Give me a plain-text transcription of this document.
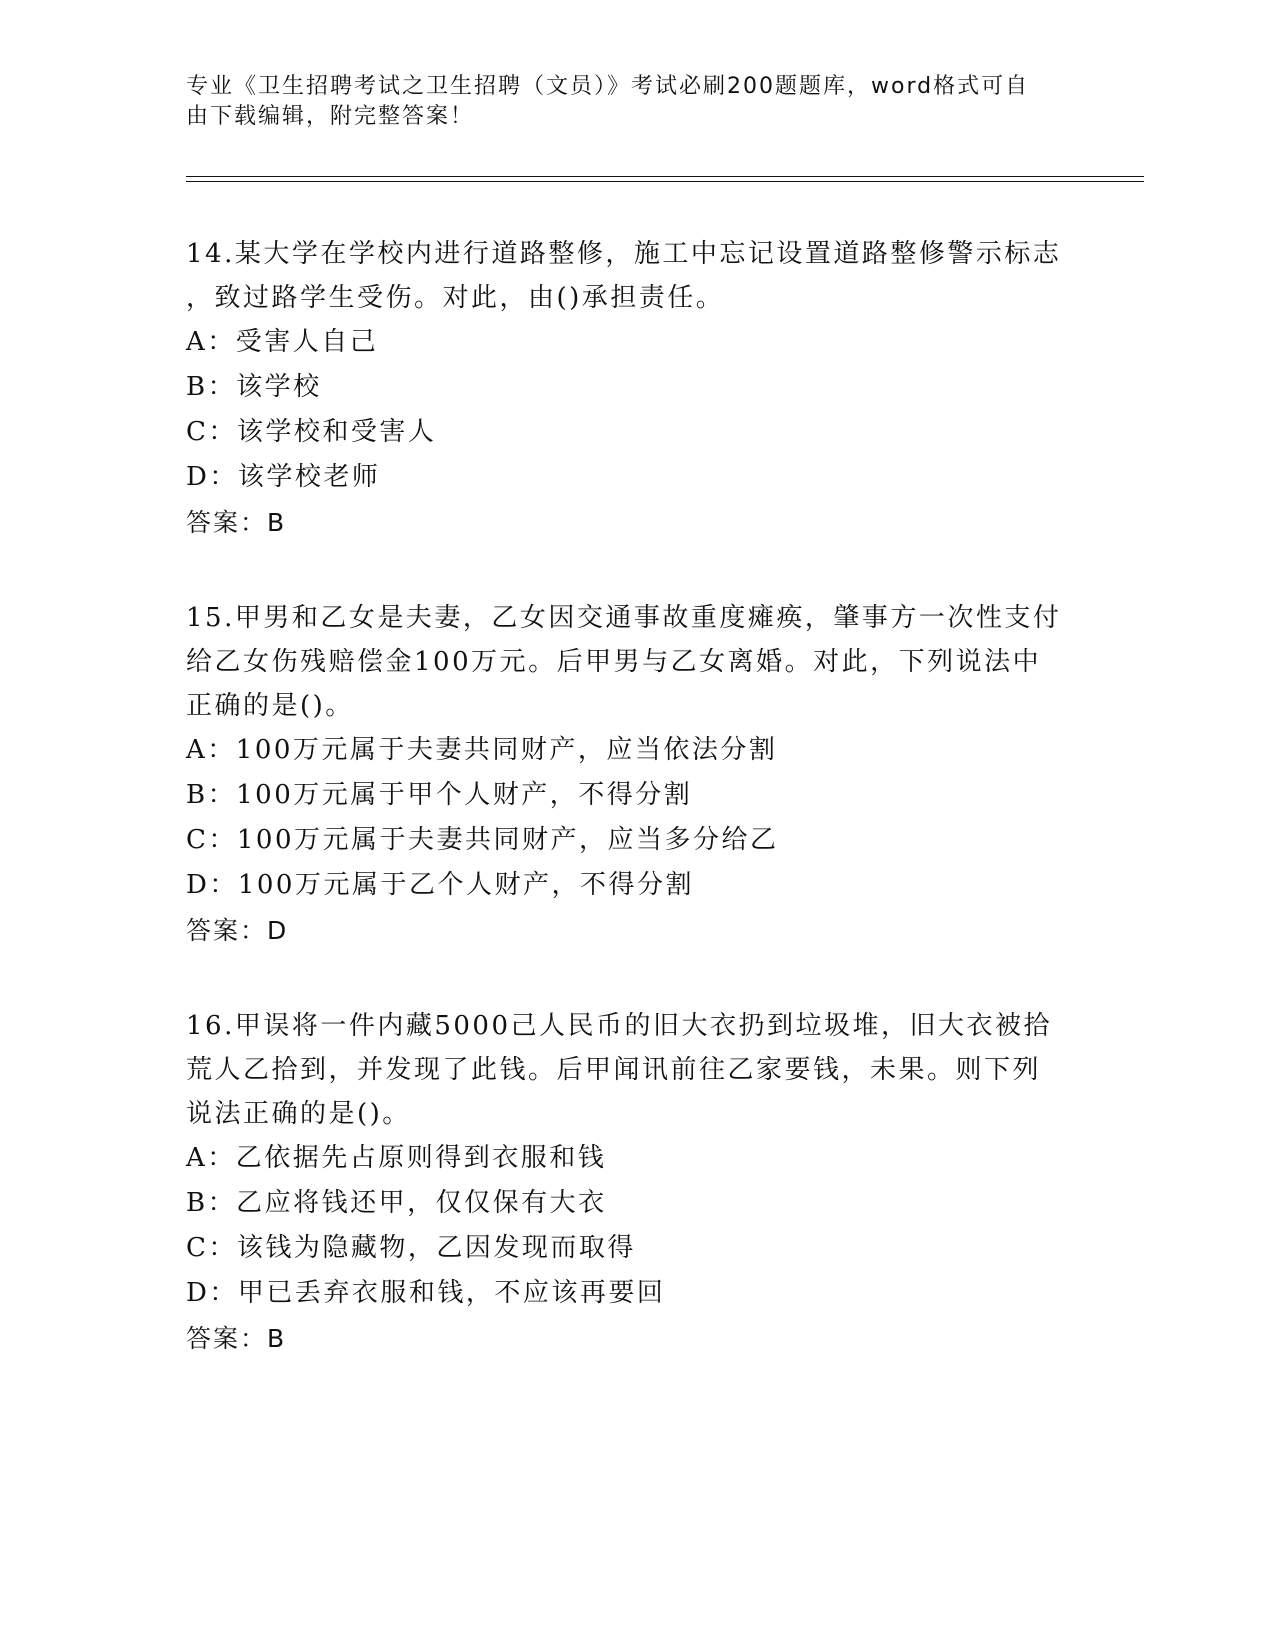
专业《卫生招聘考试之卫生招聘（文员）》考试必刷200题题库，word格式可自
由下载编辑，附完整答案！
14.某大学在学校内进行道路整修，施工中忘记设置道路整修警示标志
，致过路学生受伤。对此，由()承担责任。
A：受害人自己
B：该学校
C：该学校和受害人
D：该学校老师
答案：B
15.甲男和乙女是夫妻，乙女因交通事故重度瘫痪，肇事方一次性支付
给乙女伤残赔偿金100万元。后甲男与乙女离婚。对此，下列说法中
正确的是()。
A：100万元属于夫妻共同财产，应当依法分割
B：100万元属于甲个人财产，不得分割
C：100万元属于夫妻共同财产，应当多分给乙
D：100万元属于乙个人财产，不得分割
答案：D
16.甲误将一件内藏5000己人民币的旧大衣扔到垃圾堆，旧大衣被拾
荒人乙拾到，并发现了此钱。后甲闻讯前往乙家要钱，未果。则下列
说法正确的是()。
A：乙依据先占原则得到衣服和钱
B：乙应将钱还甲，仅仅保有大衣
C：该钱为隐藏物，乙因发现而取得
D：甲已丢弃衣服和钱，不应该再要回
答案：B
